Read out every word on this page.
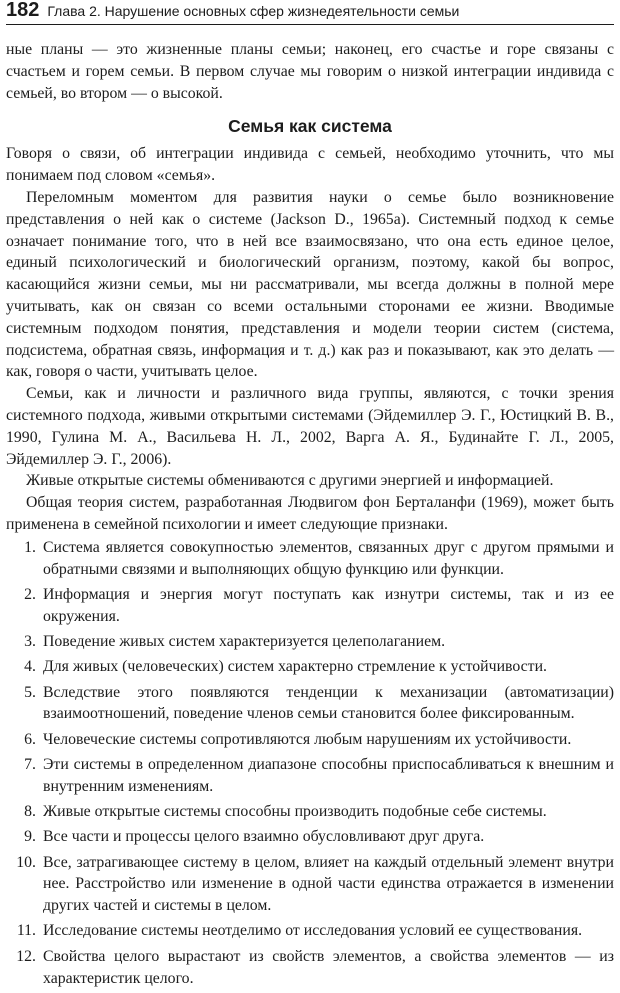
182 Глава 2. Нарушение основных сфер жизнедеятельности семьи

ные планы — это жизненные планы семьи; наконец, его счастье и горе связаны с счастьем и горем семьи. В первом случае мы говорим о низкой интеграции индивида с семьей, во втором — о высокой.

Семья как система

Говоря о связи, об интеграции индивида с семьей, необходимо уточнить, что мы понимаем под словом «семья».

Переломным моментом для развития науки о семье было возникновение представления о ней как о системе (Jackson D., 1965a). Системный подход к семье означает понимание того, что в ней все взаимосвязано, что она есть единое целое, единый психологический и биологический организм, поэтому, какой бы вопрос, касающийся жизни семьи, мы ни рассматривали, мы всегда должны в полной мере учитывать, как он связан со всеми остальными сторонами ее жизни. Вводимые системным подходом понятия, представления и модели теории систем (система, подсистема, обратная связь, информация и т. д.) как раз и показывают, как это делать — как, говоря о части, учитывать целое.

Семьи, как и личности и различного вида группы, являются, с точки зрения системного подхода, живыми открытыми системами (Эйдемиллер Э. Г., Юстицкий В. В., 1990, Гулина М. А., Васильева Н. Л., 2002, Варга А. Я., Будинайте Г. Л., 2005, Эйдемиллер Э. Г., 2006).

Живые открытые системы обмениваются с другими энергией и информацией.

Общая теория систем, разработанная Людвигом фон Берталанфи (1969), может быть применена в семейной психологии и имеет следующие признаки.

1. Система является совокупностью элементов, связанных друг с другом прямыми и обратными связями и выполняющих общую функцию или функции.
2. Информация и энергия могут поступать как изнутри системы, так и из ее окружения.
3. Поведение живых систем характеризуется целеполаганием.
4. Для живых (человеческих) систем характерно стремление к устойчивости.
5. Вследствие этого появляются тенденции к механизации (автоматизации) взаимоотношений, поведение членов семьи становится более фиксированным.
6. Человеческие системы сопротивляются любым нарушениям их устойчивости.
7. Эти системы в определенном диапазоне способны приспосабливаться к внешним и внутренним изменениям.
8. Живые открытые системы способны производить подобные себе системы.
9. Все части и процессы целого взаимно обусловливают друг друга.
10. Все, затрагивающее систему в целом, влияет на каждый отдельный элемент внутри нее. Расстройство или изменение в одной части единства отражается в изменении других частей и системы в целом.
11. Исследование системы неотделимо от исследования условий ее существования.
12. Свойства целого вырастают из свойств элементов, а свойства элементов — из характеристик целого.
